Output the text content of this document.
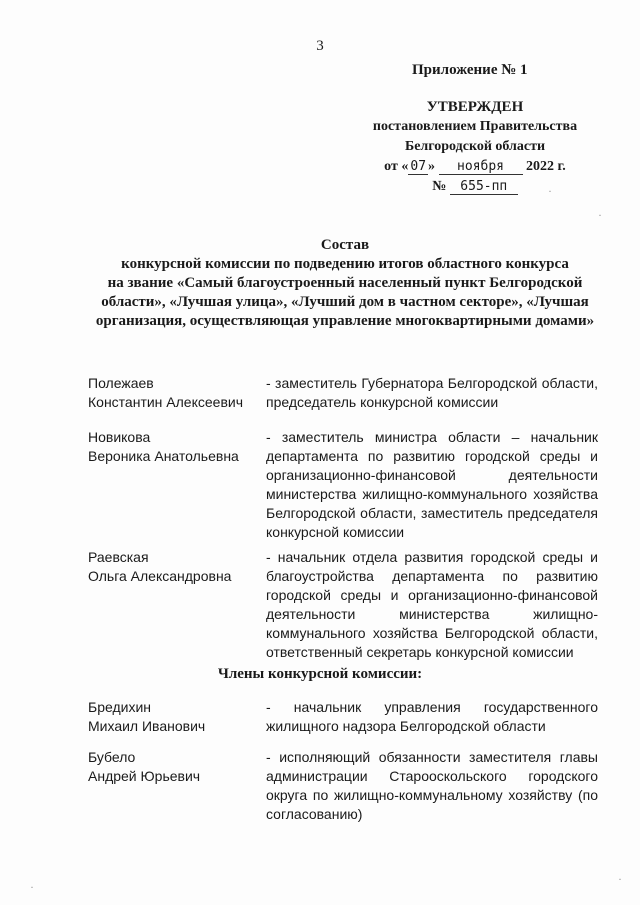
3
Приложение № 1
УТВЕРЖДЕН
постановлением Правительства
Белгородской области
от « 07 » ноября 2022 г.
№ 655-пп
Состав
конкурсной комиссии по подведению итогов областного конкурса
на звание «Самый благоустроенный населенный пункт Белгородской
области», «Лучшая улица», «Лучший дом в частном секторе», «Лучшая
организация, осуществляющая управление многоквартирными домами»
Полежаев
Константин Алексеевич
- заместитель Губернатора Белгородской области, председатель конкурсной комиссии
Новикова
Вероника Анатольевна
- заместитель министра области – начальник департамента по развитию городской среды и организационно-финансовой деятельности министерства жилищно-коммунального хозяйства Белгородской области, заместитель председателя конкурсной комиссии
Раевская
Ольга Александровна
- начальник отдела развития городской среды и благоустройства департамента по развитию городской среды и организационно-финансовой деятельности министерства жилищно-коммунального хозяйства Белгородской области, ответственный секретарь конкурсной комиссии
Члены конкурсной комиссии:
Бредихин
Михаил Иванович
- начальник управления государственного жилищного надзора Белгородской области
Бубело
Андрей Юрьевич
- исполняющий обязанности заместителя главы администрации Старооскольского городского округа по жилищно-коммунальному хозяйству (по согласованию)
·
·
·
·
